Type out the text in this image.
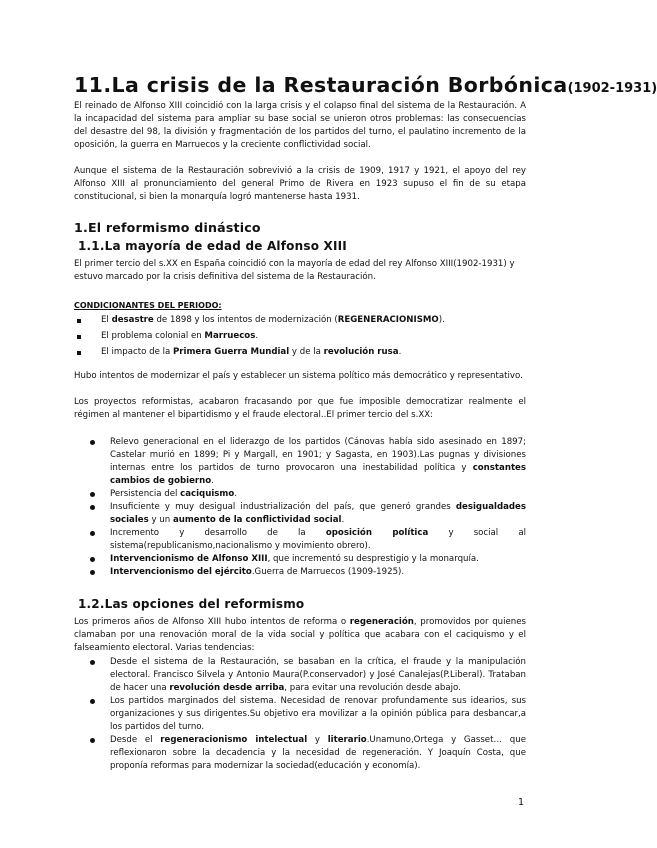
11.La crisis de la Restauración Borbónica(1902-1931)

El reinado de Alfonso XIII coincidió con la larga crisis y el colapso final del sistema de la Restauración. A la incapacidad del sistema para ampliar su base social se unieron otros problemas: las consecuencias del desastre del 98, la división y fragmentación de los partidos del turno, el paulatino incremento de la oposición, la guerra en Marruecos y la creciente conflictividad social.

Aunque el sistema de la Restauración sobrevivió a la crisis de 1909, 1917 y 1921, el apoyo del rey Alfonso XIII al pronunciamiento del general Primo de Rivera en 1923 supuso el fin de su etapa constitucional, si bien la monarquía logró mantenerse hasta 1931.

1.El reformismo dinástico

1.1.La mayoría de edad de Alfonso XIII

El primer tercio del s.XX en España coincidió con la mayoría de edad del rey Alfonso XIII(1902-1931) y estuvo marcado por la crisis definitiva del sistema de la Restauración.

CONDICIONANTES DEL PERIODO:

El desastre de 1898 y los intentos de modernización (REGENERACIONISMO).
El problema colonial en Marruecos.
El impacto de la Primera Guerra Mundial y de la revolución rusa.

Hubo intentos de modernizar el país y establecer un sistema político más democrático y representativo.

Los proyectos reformistas, acabaron fracasando por que fue imposible democratizar realmente el régimen al mantener el bipartidismo y el fraude electoral..El primer tercio del s.XX:

Relevo generacional en el liderazgo de los partidos (Cánovas había sido asesinado en 1897; Castelar murió en 1899; Pi y Margall, en 1901; y Sagasta, en 1903).Las pugnas y divisiones internas entre los partidos de turno provocaron una inestabilidad política y constantes cambios de gobierno.
Persistencia del caciquismo.
Insuficiente y muy desigual industrialización del país, que generó grandes desigualdades sociales y un aumento de la conflictividad social.
Incremento y desarrollo de la oposición política y social al sistema(republicanismo,nacionalismo y movimiento obrero).
Intervencionismo de Alfonso XIII, que incrementó su desprestigio y la monarquía.
Intervencionismo del ejército.Guerra de Marruecos (1909-1925).

1.2.Las opciones del reformismo

Los primeros años de Alfonso XIII hubo intentos de reforma o regeneración, promovidos por quienes clamaban por una renovación moral de la vida social y política que acabara con el caciquismo y el falseamiento electoral. Varias tendencias:

Desde el sistema de la Restauración, se basaban en la crítica, el fraude y la manipulación electoral. Francisco Silvela y Antonio Maura(P.conservador) y José Canalejas(P.Liberal). Trataban de hacer una revolución desde arriba, para evitar una revolución desde abajo.
Los partidos marginados del sistema. Necesidad de renovar profundamente sus idearios, sus organizaciones y sus dirigentes.Su objetivo era movilizar a la opinión pública para desbancar,a los partidos del turno.
Desde el regeneracionismo intelectual y literario.Unamuno,Ortega y Gasset… que reflexionaron sobre la decadencia y la necesidad de regeneración. Y Joaquín Costa, que proponía reformas para modernizar la sociedad(educación y economía).
1
